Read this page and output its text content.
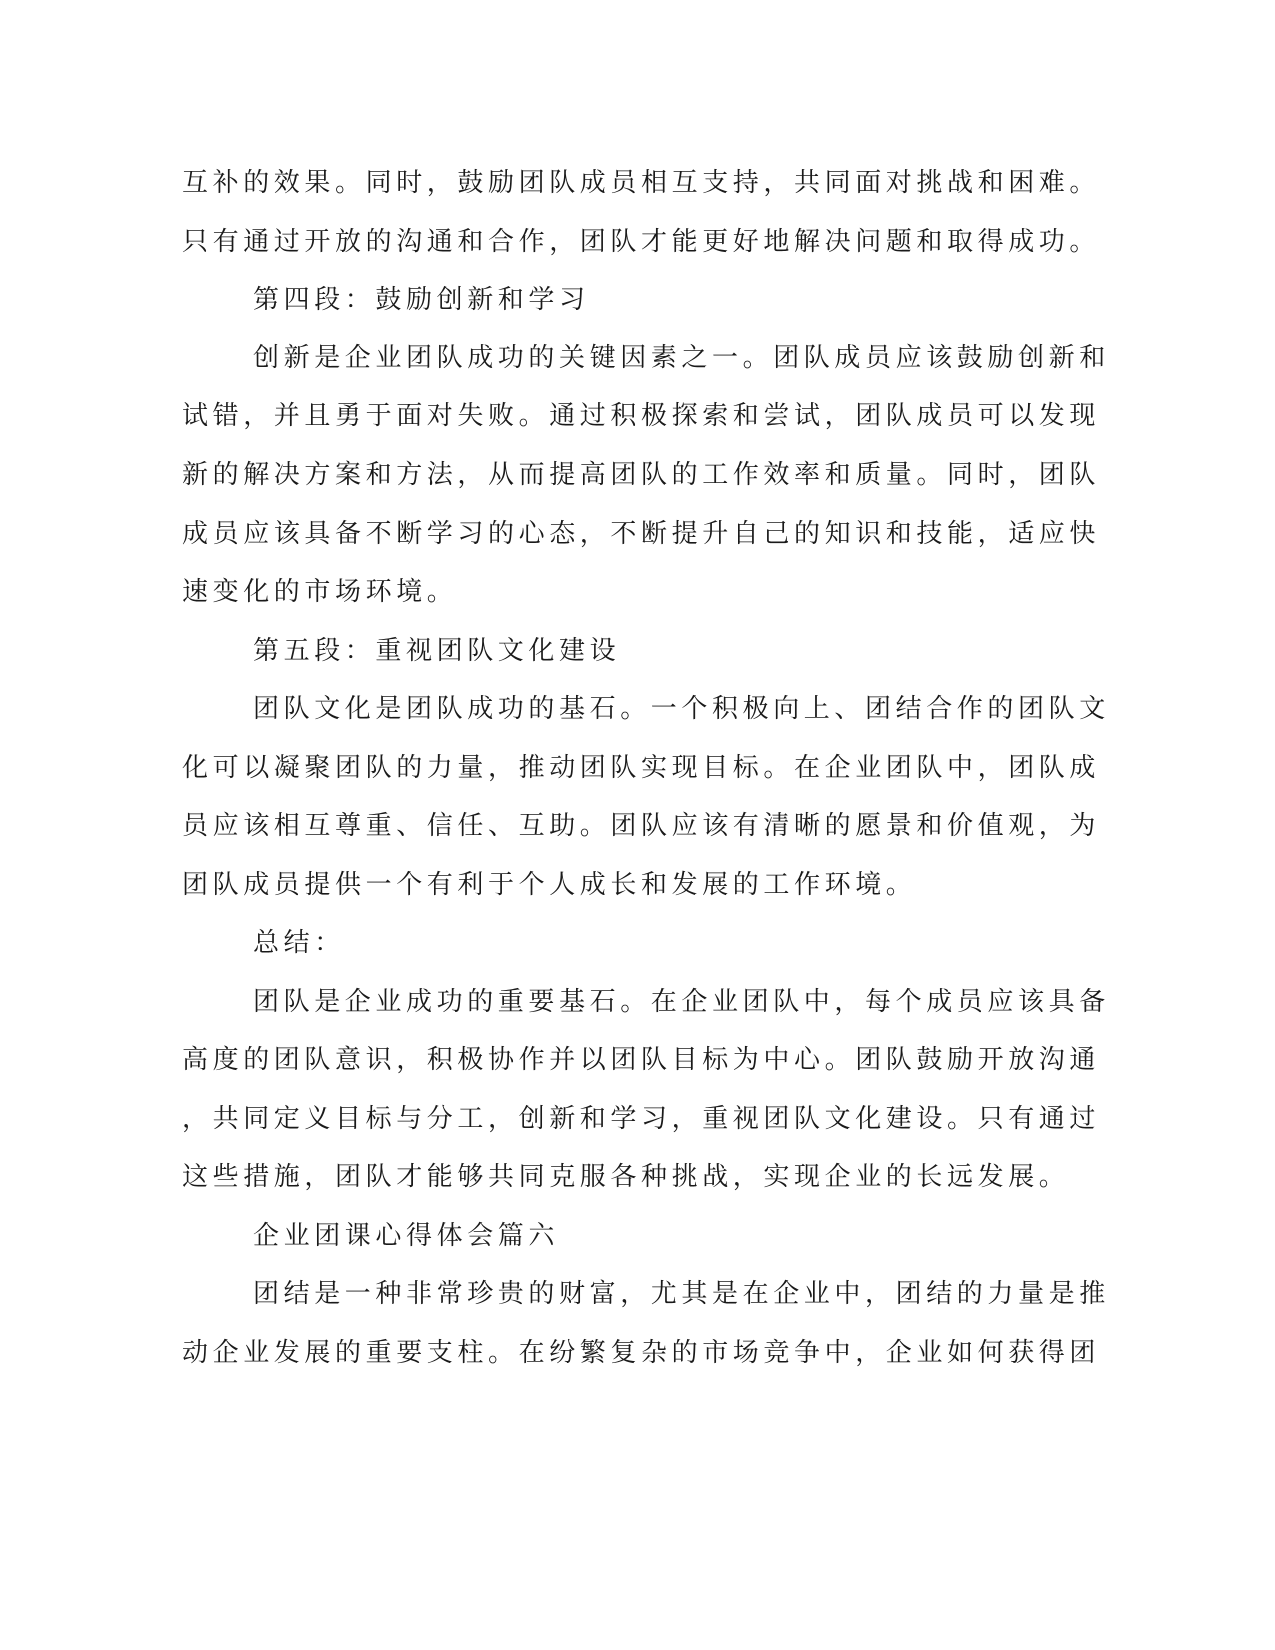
互补的效果。同时，鼓励团队成员相互支持，共同面对挑战和困难。

只有通过开放的沟通和合作，团队才能更好地解决问题和取得成功。

第四段：鼓励创新和学习

创新是企业团队成功的关键因素之一。团队成员应该鼓励创新和

试错，并且勇于面对失败。通过积极探索和尝试，团队成员可以发现

新的解决方案和方法，从而提高团队的工作效率和质量。同时，团队

成员应该具备不断学习的心态，不断提升自己的知识和技能，适应快

速变化的市场环境。

第五段：重视团队文化建设

团队文化是团队成功的基石。一个积极向上、团结合作的团队文

化可以凝聚团队的力量，推动团队实现目标。在企业团队中，团队成

员应该相互尊重、信任、互助。团队应该有清晰的愿景和价值观，为

团队成员提供一个有利于个人成长和发展的工作环境。

总结：

团队是企业成功的重要基石。在企业团队中，每个成员应该具备

高度的团队意识，积极协作并以团队目标为中心。团队鼓励开放沟通

，共同定义目标与分工，创新和学习，重视团队文化建设。只有通过

这些措施，团队才能够共同克服各种挑战，实现企业的长远发展。

企业团课心得体会篇六

团结是一种非常珍贵的财富，尤其是在企业中，团结的力量是推

动企业发展的重要支柱。在纷繁复杂的市场竞争中，企业如何获得团
